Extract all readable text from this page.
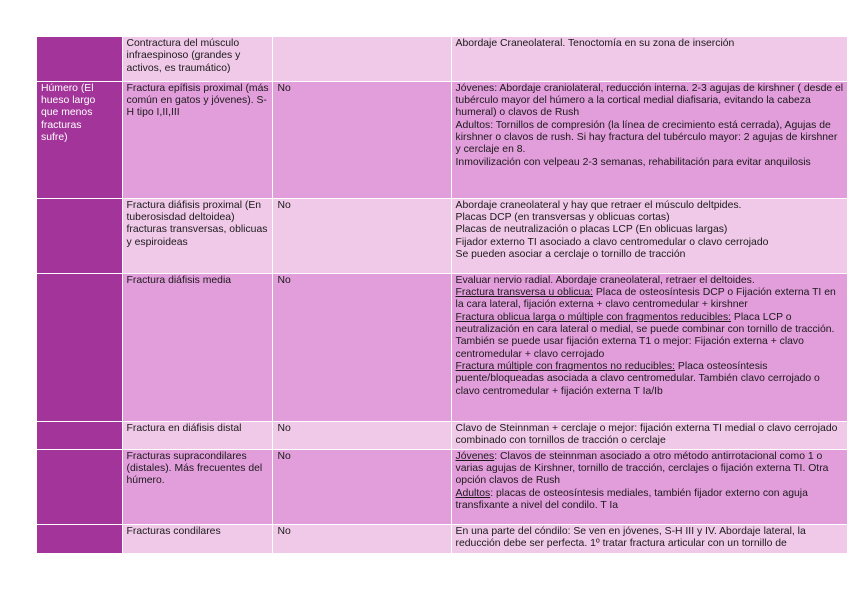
	Contractura del músculo infraespinoso (grandes y activos, es traumático)		Abordaje Craneolateral. Tenoctomía en su zona de inserción

Húmero (El hueso largo que menos fracturas sufre)	Fractura epífisis proximal (más común en gatos y jóvenes). S-H tipo I,II,III	No	Jóvenes: Abordaje craniolateral, reducción interna. 2-3 agujas de kirshner ( desde el tubérculo mayor del húmero a la cortical medial diafisaria, evitando la cabeza humeral) o clavos de Rush
Adultos: Tornillos de compresión (la línea de crecimiento está cerrada), Agujas de kirshner o clavos de rush. Si hay fractura del tubérculo mayor: 2 agujas de kirshner y cerclaje en 8.
Inmovilización con velpeau 2-3 semanas, rehabilitación para evitar anquilosis

	Fractura diáfisis proximal (En tuberosisdad deltoidea) fracturas transversas, oblicuas y espiroideas	No	Abordaje craneolateral y hay que retraer el músculo deltpides.
Placas DCP (en transversas y oblicuas cortas)
Placas de neutralización o placas LCP (En oblicuas largas)
Fijador externo TI asociado a clavo centromedular o clavo cerrojado
Se pueden asociar a cerclaje o tornillo de tracción

	Fractura diáfisis media	No	Evaluar nervio radial. Abordaje craneolateral, retraer el deltoides.
Fractura transversa u oblicua: Placa de osteosíntesis DCP o Fijación externa TI en la cara lateral, fijación externa + clavo centromedular + kirshner
Fractura oblicua larga o múltiple con fragmentos reducibles: Placa LCP o neutralización en cara lateral o medial, se puede combinar con tornillo de tracción. También se puede usar fijación externa T1 o mejor: Fijación externa + clavo centromedular + clavo cerrojado
Fractura múltiple con fragmentos no reducibles: Placa osteosíntesis puente/bloqueadas asociada a clavo centromedular. También clavo cerrojado o clavo centromedular + fijación externa T Ia/Ib

	Fractura en diáfisis distal	No	Clavo de Steinnman + cerclaje o mejor: fijación externa TI medial o clavo cerrojado combinado con tornillos de tracción o cerclaje

	Fracturas supracondilares (distales). Más frecuentes del húmero.	No	Jóvenes: Clavos de steinnman asociado a otro método antirrotacional como 1 o varias agujas de Kirshner, tornillo de tracción, cerclajes o fijación externa TI. Otra opción clavos de Rush
Adultos: placas de osteosíntesis mediales, también fijador externo con aguja transfixante a nivel del condilo. T Ia

	Fracturas condilares	No	En una parte del cóndilo: Se ven en jóvenes, S-H III y IV. Abordaje lateral, la reducción debe ser perfecta. 1º tratar fractura articular con un tornillo de
